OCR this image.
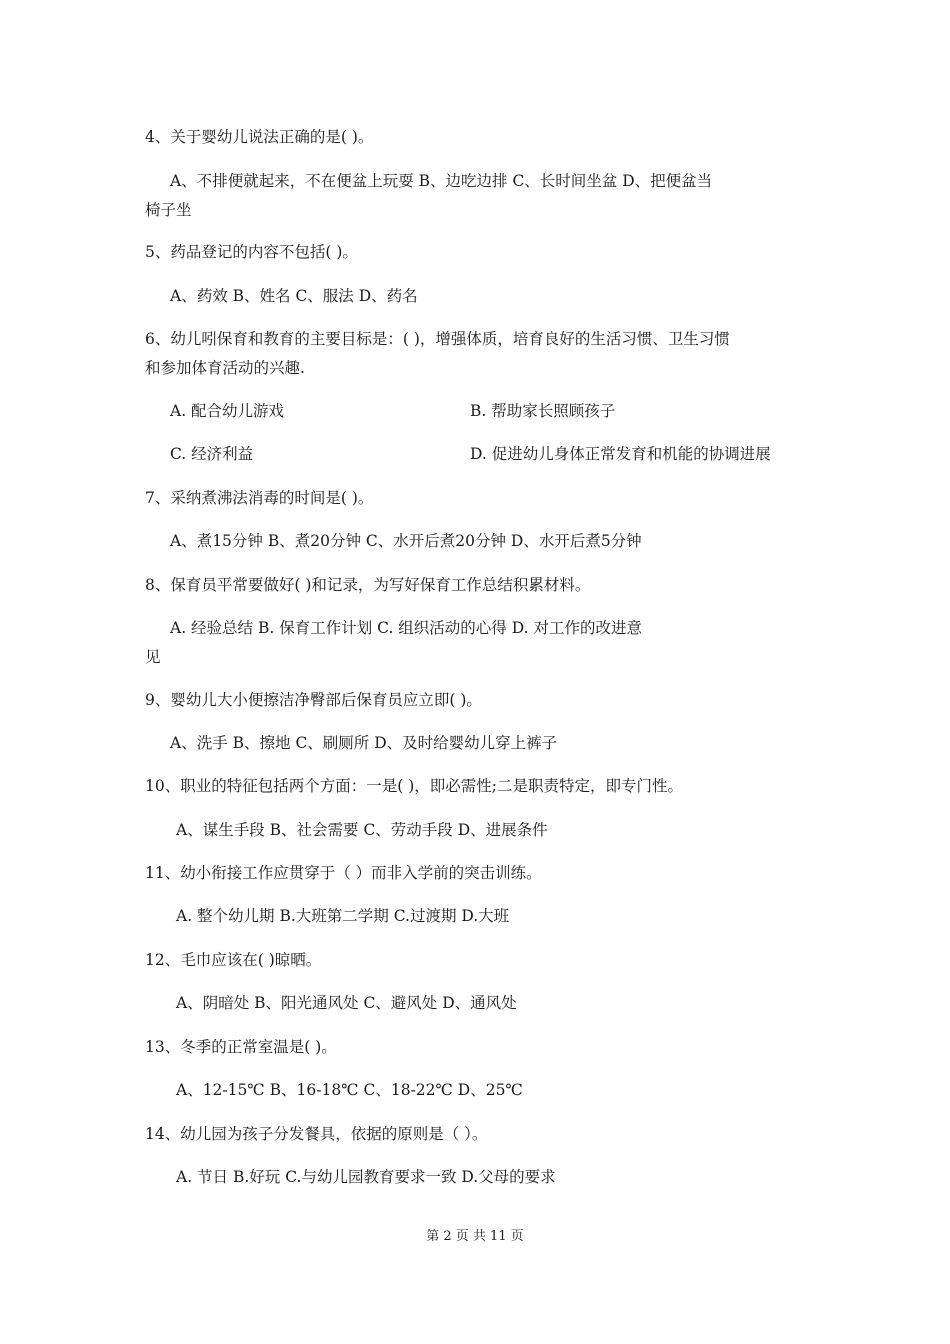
4、关于婴幼儿说法正确的是( )。
A、不排便就起来，不在便盆上玩耍 B、边吃边排 C、长时间坐盆 D、把便盆当
椅子坐
5、药品登记的内容不包括( )。
A、药效 B、姓名 C、服法 D、药名
6、幼儿吲保育和教育的主要目标是：( )，增强体质，培育良好的生活习惯、卫生习惯
和参加体育活动的兴趣.
A. 配合幼儿游戏	B. 帮助家长照顾孩子
C. 经济利益	D. 促进幼儿身体正常发育和机能的协调进展
7、采纳煮沸法消毒的时间是( )。
A、煮15分钟 B、煮20分钟 C、水开后煮20分钟 D、水开后煮5分钟
8、保育员平常要做好( )和记录，为写好保育工作总结积累材料。
A. 经验总结 B. 保育工作计划 C. 组织活动的心得 D. 对工作的改进意
见
9、婴幼儿大小便擦洁净臀部后保育员应立即( )。
A、洗手 B、擦地 C、刷厕所 D、及时给婴幼儿穿上裤子
10、职业的特征包括两个方面：一是( )，即必需性;二是职责特定，即专门性。
A、谋生手段 B、社会需要 C、劳动手段 D、进展条件
11、幼小衔接工作应贯穿于（ ）而非入学前的突击训练。
A. 整个幼儿期 B.大班第二学期 C.过渡期 D.大班
12、毛巾应该在( )晾晒。
A、阴暗处 B、阳光通风处 C、避风处 D、通风处
13、冬季的正常室温是( )。
A、12-15℃ B、16-18℃ C、18-22℃ D、25℃
14、幼儿园为孩子分发餐具，依据的原则是（ ）。
A. 节日 B.好玩 C.与幼儿园教育要求一致 D.父母的要求
第 2 页 共 11 页
